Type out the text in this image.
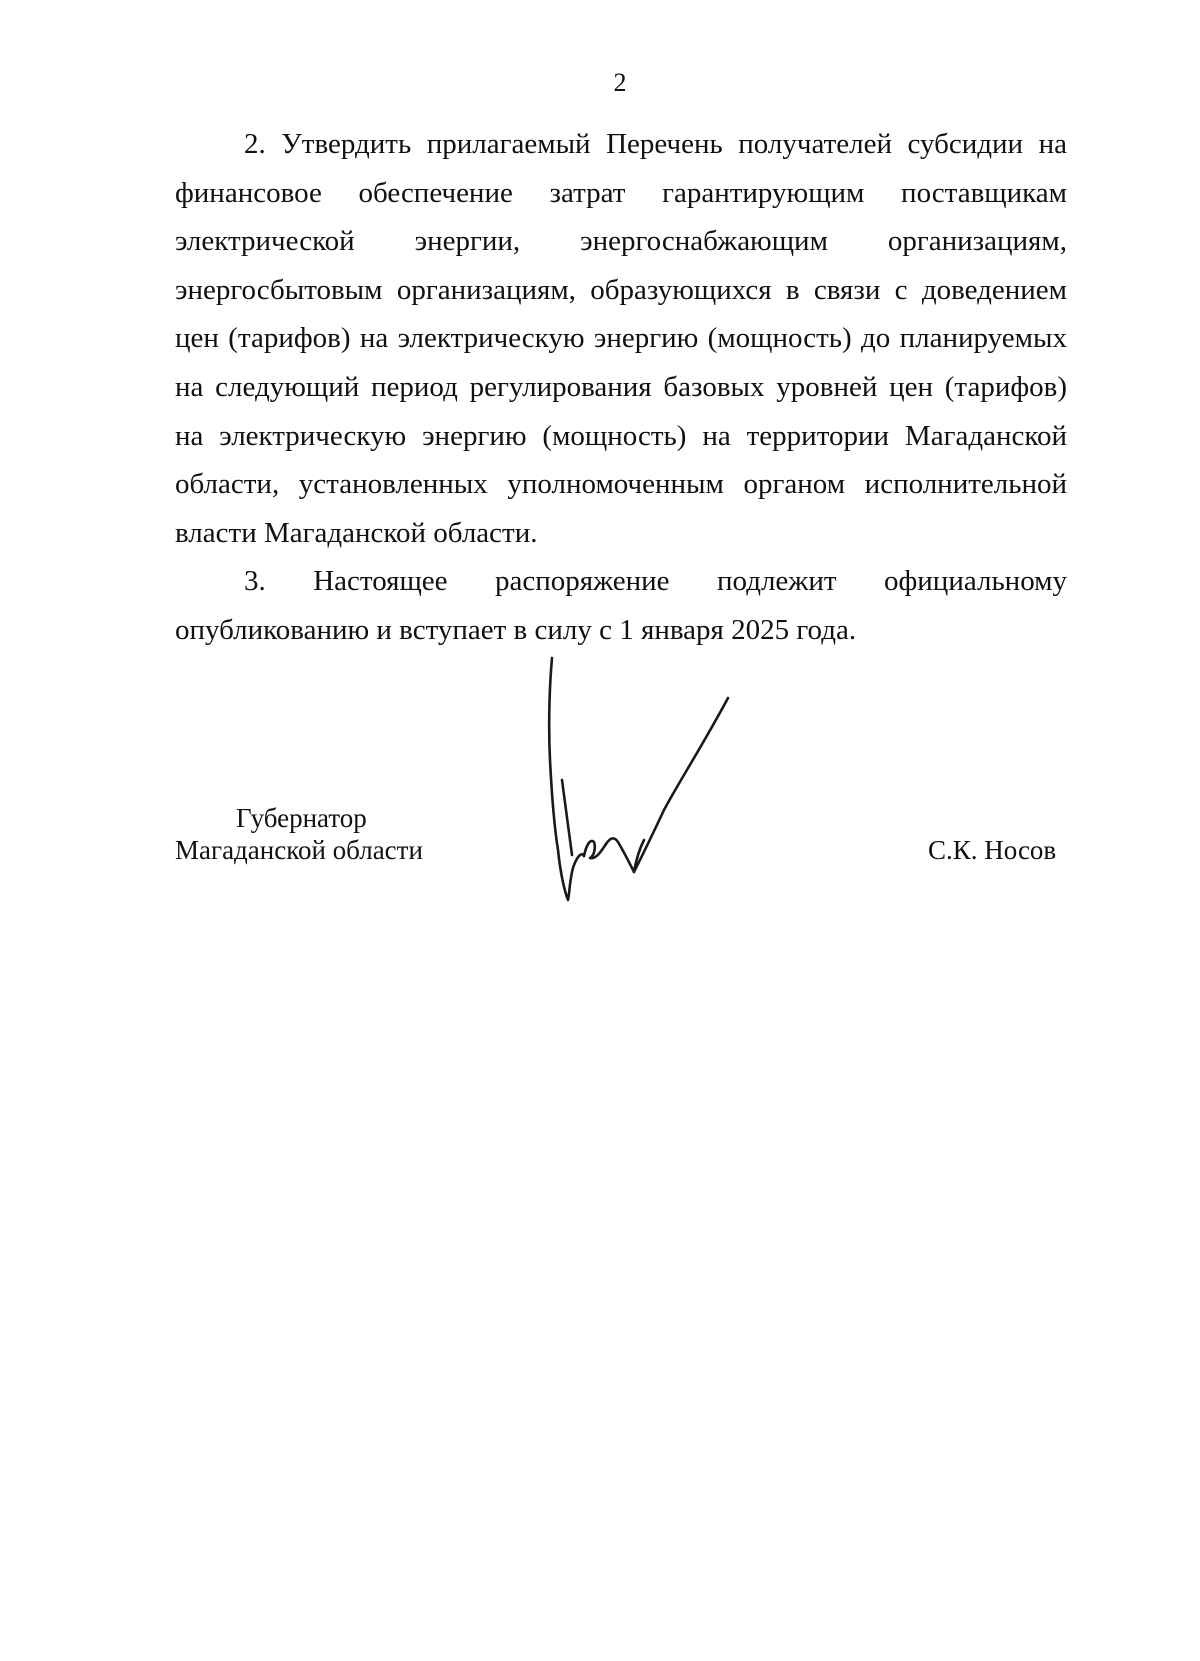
2

2. Утвердить прилагаемый Перечень получателей субсидии на финансовое обеспечение затрат гарантирующим поставщикам электрической энергии, энергоснабжающим организациям, энергосбытовым организациям, образующихся в связи с доведением цен (тарифов) на электрическую энергию (мощность) до планируемых на следующий период регулирования базовых уровней цен (тарифов) на электрическую энергию (мощность) на территории Магаданской области, установленных уполномоченным органом исполнительной власти Магаданской области.

3. Настоящее распоряжение подлежит официальному опубликованию и вступает в силу с 1 января 2025 года.

Губернатор
Магаданской области	С.К. Носов
